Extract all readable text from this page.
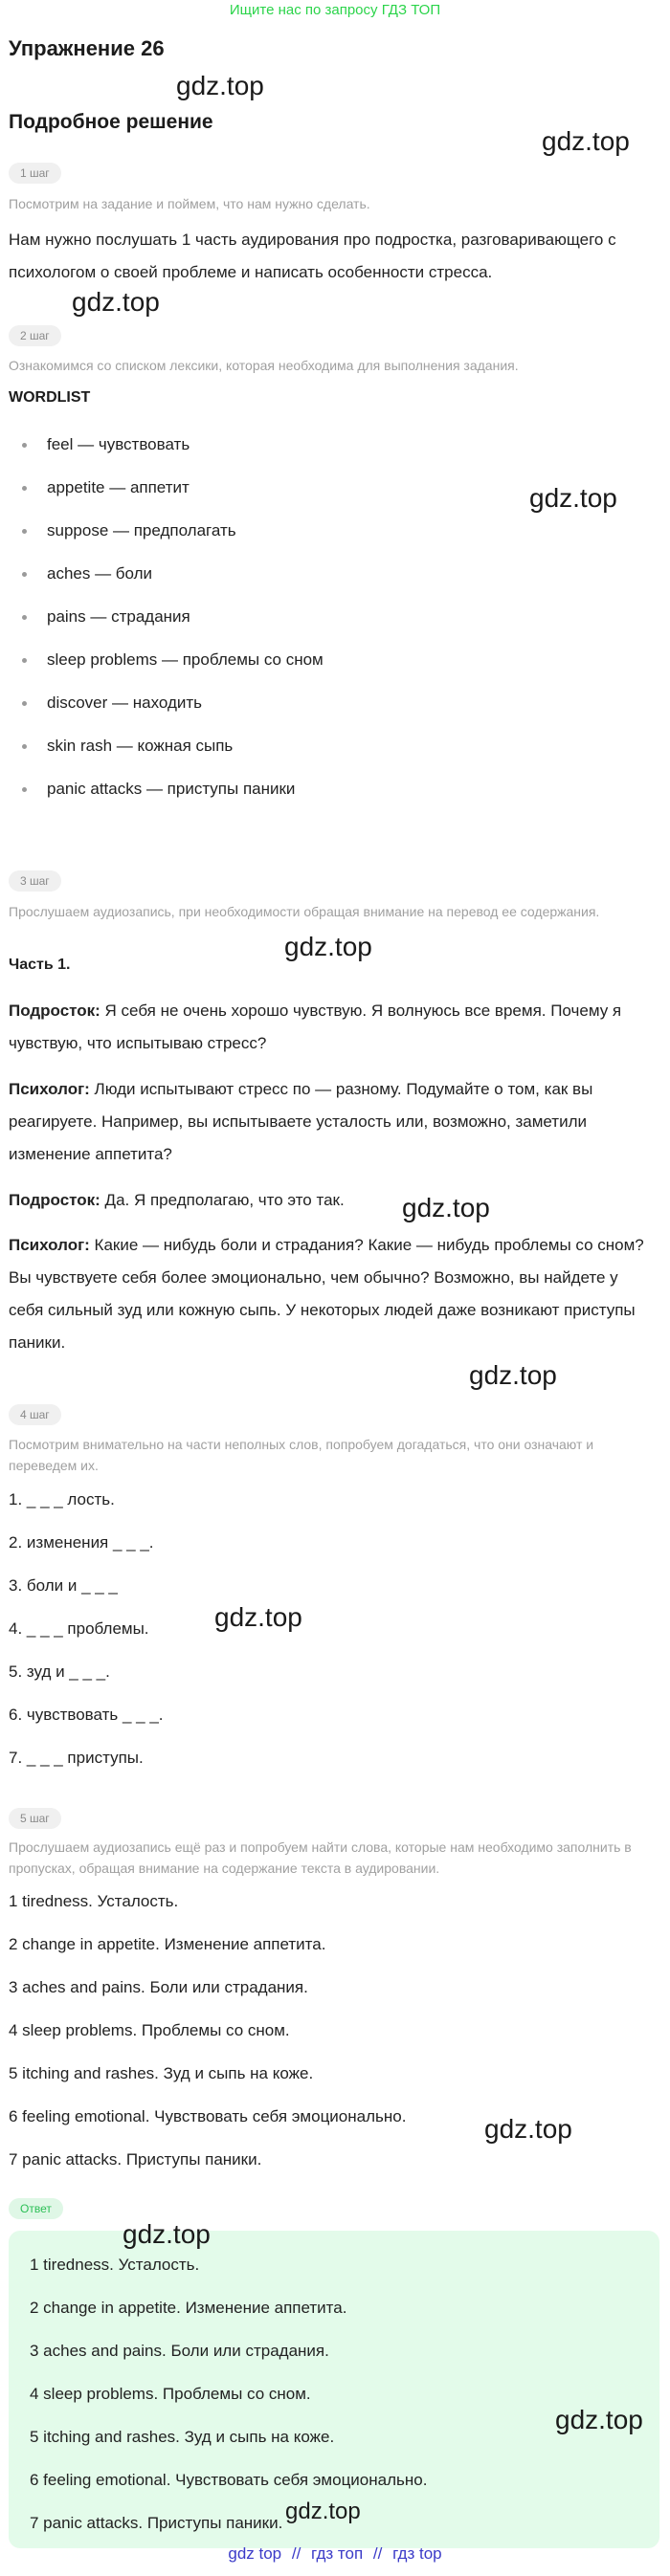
Ищите нас по запросу ГДЗ ТОП
Упражнение 26
Подробное решение
1 шаг
Посмотрим на задание и поймем, что нам нужно сделать.
Нам нужно послушать 1 часть аудирования про подростка, разговаривающего с психологом о своей проблеме и написать особенности стресса.
2 шаг
Ознакомимся со списком лексики, которая необходима для выполнения задания.
WORDLIST
feel — чувствовать
appetite — аппетит
suppose — предполагать
aches — боли
pains — страдания
sleep problems — проблемы со сном
discover — находить
skin rash — кожная сыпь
panic attacks — приступы паники
3 шаг
Прослушаем аудиозапись, при необходимости обращая внимание на перевод ее содержания.
Часть 1.
Подросток: Я себя не очень хорошо чувствую. Я волнуюсь все время. Почему я чувствую, что испытываю стресс?
Психолог: Люди испытывают стресс по — разному. Подумайте о том, как вы реагируете. Например, вы испытываете усталость или, возможно, заметили изменение аппетита?
Подросток: Да. Я предполагаю, что это так.
Психолог: Какие — нибудь боли и страдания? Какие — нибудь проблемы со сном? Вы чувствуете себя более эмоционально, чем обычно? Возможно, вы найдете у себя сильный зуд или кожную сыпь. У некоторых людей даже возникают приступы паники.
4 шаг
Посмотрим внимательно на части неполных слов, попробуем догадаться, что они означают и переведем их.
1. _ _ _ лость.
2. изменения _ _ _.
3. боли и _ _ _
4. _ _ _ проблемы.
5. зуд и _ _ _.
6. чувствовать _ _ _.
7. _ _ _ приступы.
5 шаг
Прослушаем аудиозапись ещё раз и попробуем найти слова, которые нам необходимо заполнить в пропусках, обращая внимание на содержание текста в аудировании.
1 tiredness. Усталость.
2 change in appetite. Изменение аппетита.
3 aches and pains. Боли или страдания.
4 sleep problems. Проблемы со сном.
5 itching and rashes. Зуд и сыпь на коже.
6 feeling emotional. Чувствовать себя эмоционально.
7 panic attacks. Приступы паники.
Ответ
1 tiredness. Усталость.
2 change in appetite. Изменение аппетита.
3 aches and pains. Боли или страдания.
4 sleep problems. Проблемы со сном.
5 itching and rashes. Зуд и сыпь на коже.
6 feeling emotional. Чувствовать себя эмоционально.
7 panic attacks. Приступы паники.
gdz.top
gdz.top
gdz.top
gdz.top
gdz.top
gdz.top
gdz.top
gdz.top
gdz.top
gdz.top
gdz.top
gdz.top
gdz top // гдз топ // гдз top
